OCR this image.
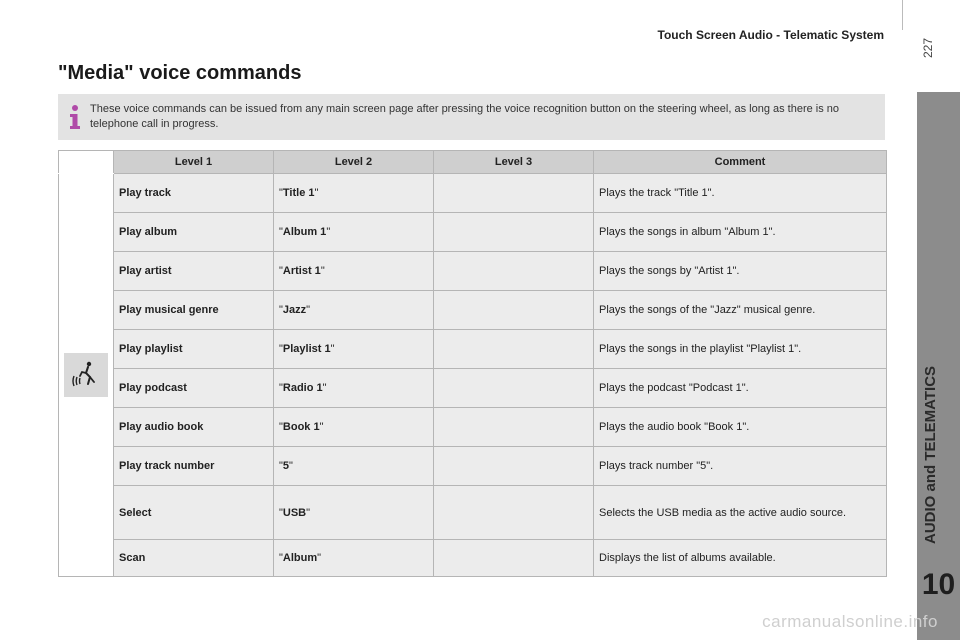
Touch Screen Audio - Telematic System
227
AUDIO and TELEMATICS
10
"Media" voice commands
These voice commands can be issued from any main screen page after pressing the voice recognition button on the steering wheel, as long as there is no telephone call in progress.
	Level 1	Level 2	Level 3	Comment

	Play track	"Title 1"		Plays the track "Title 1".
	Play album	"Album 1"		Plays the songs in album "Album 1".
	Play artist	"Artist 1"		Plays the songs by "Artist 1".
	Play musical genre	"Jazz"		Plays the songs of the "Jazz" musical genre.
	Play playlist	"Playlist 1"		Plays the songs in the playlist "Playlist 1".
	Play podcast	"Radio 1"		Plays the podcast "Podcast 1".
	Play audio book	"Book 1"		Plays the audio book "Book 1".
	Play track number	"5"		Plays track number "5".
	Select	"USB"		Selects the USB media as the active audio source.
	Scan	"Album"		Displays the list of albums available.
carmanualsonline.info
